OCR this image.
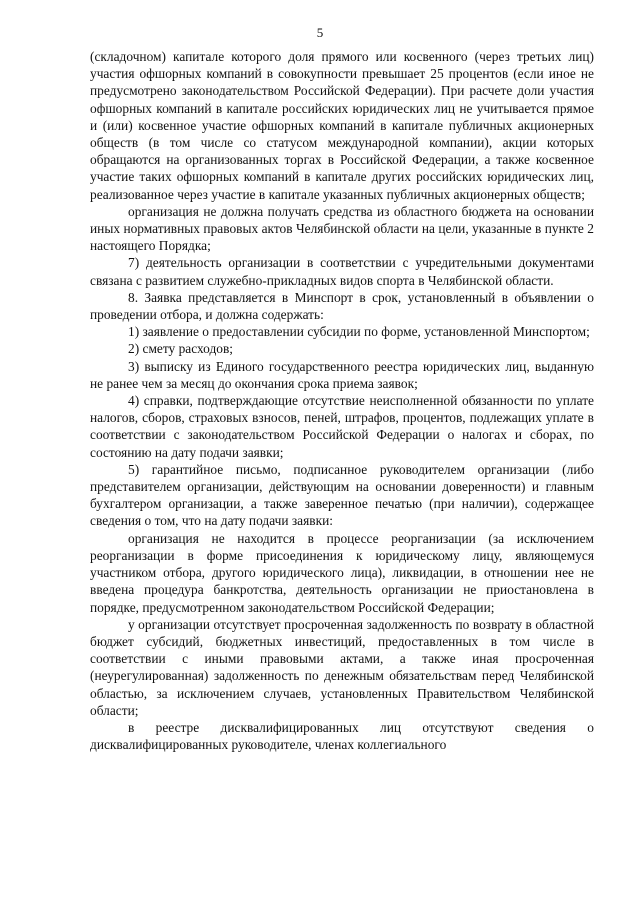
5

(складочном) капитале которого доля прямого или косвенного (через третьих лиц) участия офшорных компаний в совокупности превышает 25 процентов (если иное не предусмотрено законодательством Российской Федерации). При расчете доли участия офшорных компаний в капитале российских юридических лиц не учитывается прямое и (или) косвенное участие офшорных компаний в капитале публичных акционерных обществ (в том числе со статусом международной компании), акции которых обращаются на организованных торгах в Российской Федерации, а также косвенное участие таких офшорных компаний в капитале других российских юридических лиц, реализованное через участие в капитале указанных публичных акционерных обществ;

организация не должна получать средства из областного бюджета на основании иных нормативных правовых актов Челябинской области на цели, указанные в пункте 2 настоящего Порядка;

7) деятельность организации в соответствии с учредительными документами связана с развитием служебно-прикладных видов спорта в Челябинской области.

8. Заявка представляется в Минспорт в срок, установленный в объявлении о проведении отбора, и должна содержать:

1) заявление о предоставлении субсидии по форме, установленной Минспортом;

2) смету расходов;

3) выписку из Единого государственного реестра юридических лиц, выданную не ранее чем за месяц до окончания срока приема заявок;

4) справки, подтверждающие отсутствие неисполненной обязанности по уплате налогов, сборов, страховых взносов, пеней, штрафов, процентов, подлежащих уплате в соответствии с законодательством Российской Федерации о налогах и сборах, по состоянию на дату подачи заявки;

5) гарантийное письмо, подписанное руководителем организации (либо представителем организации, действующим на основании доверенности) и главным бухгалтером организации, а также заверенное печатью (при наличии), содержащее сведения о том, что на дату подачи заявки:

организация не находится в процессе реорганизации (за исключением реорганизации в форме присоединения к юридическому лицу, являющемуся участником отбора, другого юридического лица), ликвидации, в отношении нее не введена процедура банкротства, деятельность организации не приостановлена в порядке, предусмотренном законодательством Российской Федерации;

у организации отсутствует просроченная задолженность по возврату в областной бюджет субсидий, бюджетных инвестиций, предоставленных в том числе в соответствии с иными правовыми актами, а также иная просроченная (неурегулированная) задолженность по денежным обязательствам перед Челябинской областью, за исключением случаев, установленных Правительством Челябинской области;

в реестре дисквалифицированных лиц отсутствуют сведения о дисквалифицированных руководителе, членах коллегиального
